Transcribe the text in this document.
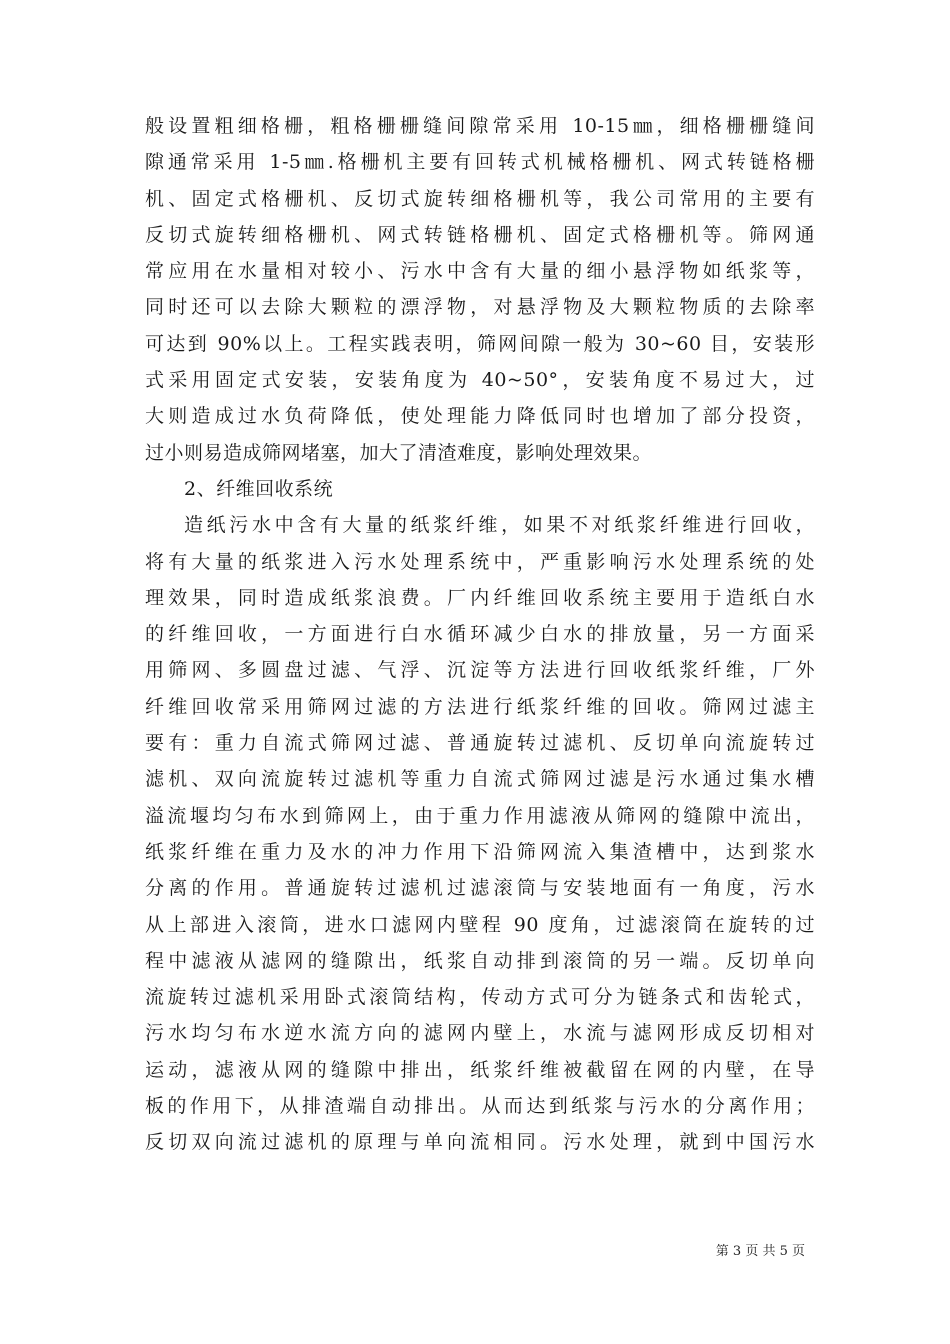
般设置粗细格栅，粗格栅栅缝间隙常采用 10-15㎜，细格栅栅缝间
隙通常采用 1-5㎜.格栅机主要有回转式机械格栅机、网式转链格栅
机、固定式格栅机、反切式旋转细格栅机等，我公司常用的主要有
反切式旋转细格栅机、网式转链格栅机、固定式格栅机等。筛网通
常应用在水量相对较小、污水中含有大量的细小悬浮物如纸浆等，
同时还可以去除大颗粒的漂浮物，对悬浮物及大颗粒物质的去除率
可达到 90%以上。工程实践表明，筛网间隙一般为 30~60 目，安装形
式采用固定式安装，安装角度为 40~50°，安装角度不易过大，过
大则造成过水负荷降低，使处理能力降低同时也增加了部分投资，
过小则易造成筛网堵塞，加大了清渣难度，影响处理效果。
2、纤维回收系统
造纸污水中含有大量的纸浆纤维，如果不对纸浆纤维进行回收，
将有大量的纸浆进入污水处理系统中，严重影响污水处理系统的处
理效果，同时造成纸浆浪费。厂内纤维回收系统主要用于造纸白水
的纤维回收，一方面进行白水循环减少白水的排放量，另一方面采
用筛网、多圆盘过滤、气浮、沉淀等方法进行回收纸浆纤维，厂外
纤维回收常采用筛网过滤的方法进行纸浆纤维的回收。筛网过滤主
要有：重力自流式筛网过滤、普通旋转过滤机、反切单向流旋转过
滤机、双向流旋转过滤机等重力自流式筛网过滤是污水通过集水槽
溢流堰均匀布水到筛网上，由于重力作用滤液从筛网的缝隙中流出，
纸浆纤维在重力及水的冲力作用下沿筛网流入集渣槽中，达到浆水
分离的作用。普通旋转过滤机过滤滚筒与安装地面有一角度，污水
从上部进入滚筒，进水口滤网内壁程 90 度角，过滤滚筒在旋转的过
程中滤液从滤网的缝隙出，纸浆自动排到滚筒的另一端。反切单向
流旋转过滤机采用卧式滚筒结构，传动方式可分为链条式和齿轮式，
污水均匀布水逆水流方向的滤网内壁上，水流与滤网形成反切相对
运动，滤液从网的缝隙中排出，纸浆纤维被截留在网的内壁，在导
板的作用下，从排渣端自动排出。从而达到纸浆与污水的分离作用；
反切双向流过滤机的原理与单向流相同。污水处理，就到中国污水
第 3 页 共 5 页
